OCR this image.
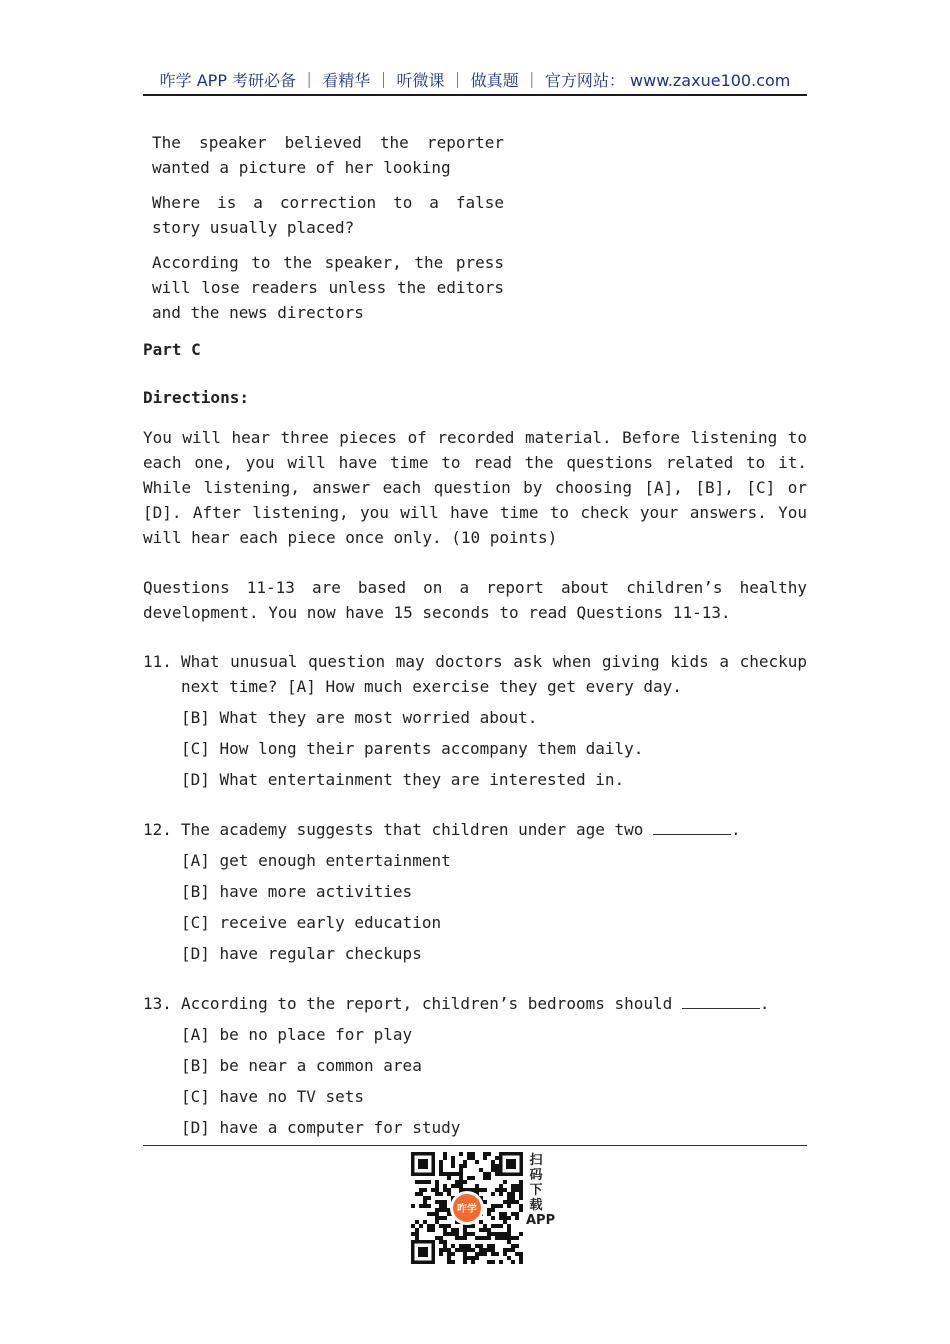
咋学 APP 考研必备 ｜ 看精华 ｜ 听微课 ｜ 做真题 ｜ 官方网站： www.zaxue100.com

The speaker believed the reporter wanted a picture of her looking

Where is a correction to a false story usually placed?

According to the speaker, the press will lose readers unless the editors and the news directors

Part C
Directions:

You will hear three pieces of recorded material. Before listening to each one, you will have time to read the questions related to it. While listening, answer each question by choosing [A], [B], [C] or [D]. After listening, you will have time to check your answers. You will hear each piece once only. (10 points)

Questions 11-13 are based on a report about children’s healthy development. You now have 15 seconds to read Questions 11-13.

11. What unusual question may doctors ask when giving kids a checkup next time? [A] How much exercise they get every day.
[B] What they are most worried about.
[C] How long their parents accompany them daily.
[D] What entertainment they are interested in.
12. The academy suggests that children under age two	.
[A] get enough entertainment
[B] have more activities
[C] receive early education
[D] have regular checkups
13. According to the report, children’s bedrooms should	.
[A] be no place for play
[B] be near a common area
[C] have no TV sets
[D] have a computer for study
咋学
扫码下载APP
